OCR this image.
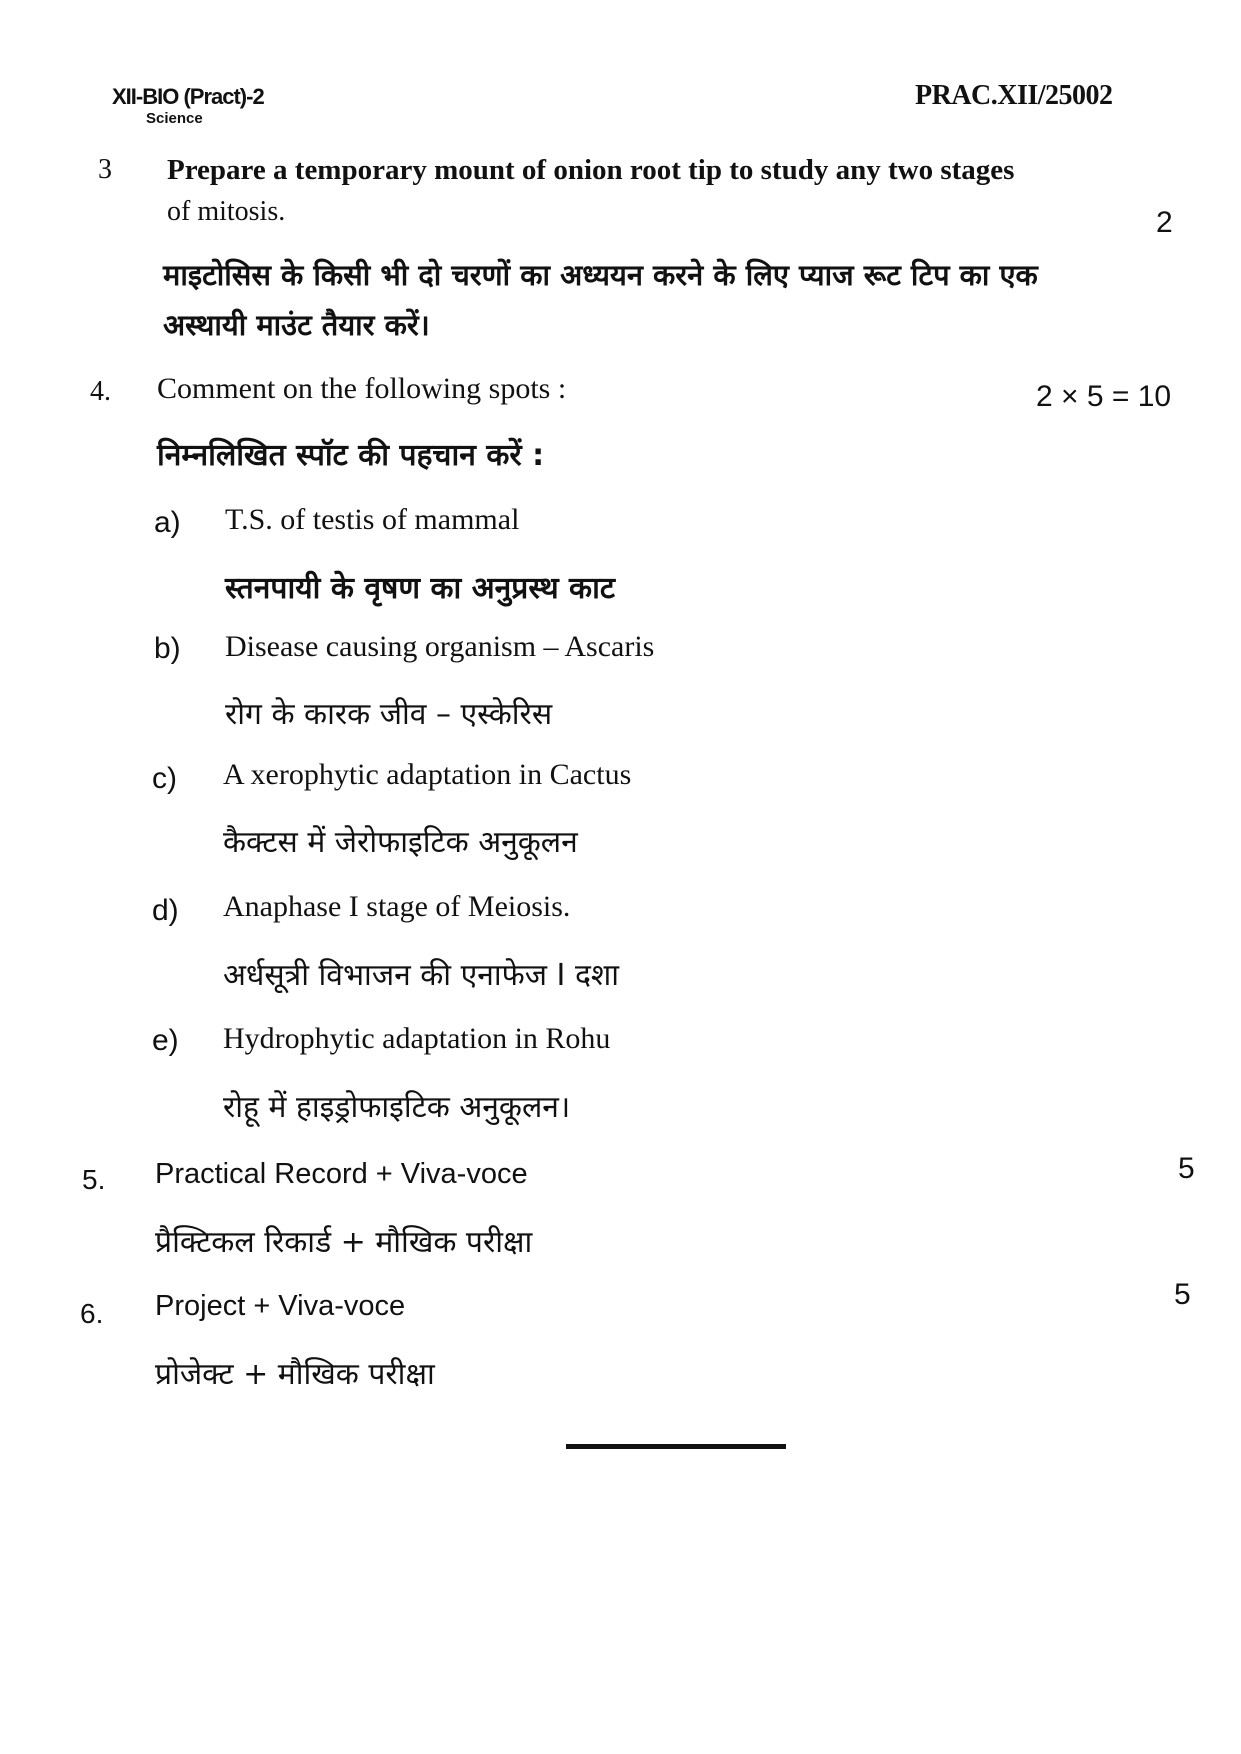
XII-BIO (Pract)-2
Science
PRAC.XII/25002
3 Prepare a temporary mount of onion root tip to study any two stages
of mitosis.	2
माइटोसिस के किसी भी दो चरणों का अध्ययन करने के लिए प्याज रूट टिप का एक
अस्थायी माउंट तैयार करें।
4. Comment on the following spots :	2 × 5 = 10
निम्नलिखित स्पॉट की पहचान करें :
a) T.S. of testis of mammal
स्तनपायी के वृषण का अनुप्रस्थ काट
b) Disease causing organism – Ascaris
रोग के कारक जीव – एस्केरिस
c) A xerophytic adaptation in Cactus
कैक्टस में जेरोफाइटिक अनुकूलन
d) Anaphase I stage of Meiosis.
अर्धसूत्री विभाजन की एनाफेज I दशा
e) Hydrophytic adaptation in Rohu
रोहू में हाइड्रोफाइटिक अनुकूलन।
5. Practical Record + Viva-voce	5
प्रैक्टिकल रिकार्ड + मौखिक परीक्षा
6. Project + Viva-voce	5
प्रोजेक्ट + मौखिक परीक्षा
